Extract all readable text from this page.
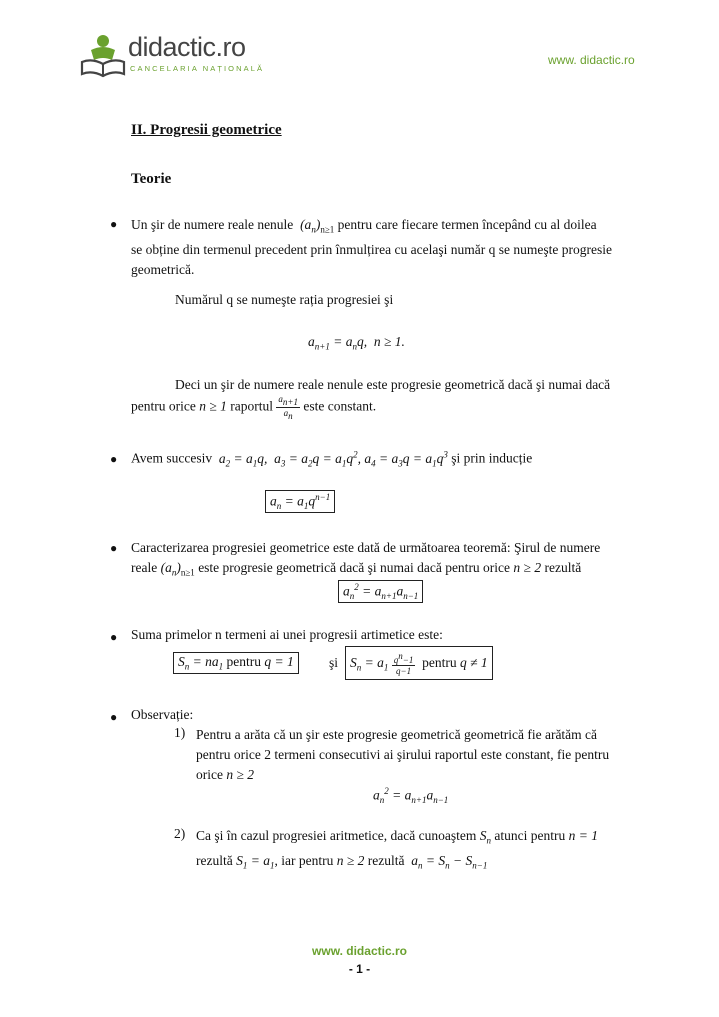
didactic.ro
CANCELARIA NAȚIONALĂ
www. didactic.ro
II. Progresii geometrice
Teorie
● Un şir de numere reale nenule  $(a_n)_{n\ge 1}$ pentru care fiecare termen începând cu al doilea

se obține din termenul precedent prin înmulțirea cu acelaşi număr q se numeşte progresie

geometrică.

Numărul q se numeşte rația progresiei şi
$a_{n+1} = a_nq$,  n ≥ 1.
Deci un şir de numere reale nenule este progresie geometrică dacă şi numai dacă
pentru orice n ≥ 1 raportul $\frac{a_{n+1}}{a_n}$ este constant.
● Avem succesiv  $a_2 = a_1q$,  $a_3 = a_2q = a_1q^2$, $a_4 = a_3q = a_1q^3$ şi prin inducție
$a_n = a_1q^{n-1}$
● Caracterizarea progresiei geometrice este dată de următoarea teoremă: Şirul de numere

reale $(a_n)_{n\ge 1}$ este progresie geometrică dacă şi numai dacă pentru orice n ≥ 2 rezultă

$a_n^2 = a_{n+1}a_{n-1}$
● Suma primelor n termeni ai unei progresii artimetice este:
$S_n = na_1$ pentru q = 1	şi $S_n = a_1 \frac{q^n-1}{q-1}$ pentru q ≠ 1
● Observație:
1) Pentru a arăta că un şir este progresie geometrică geometrică fie arătăm că

pentru orice 2 termeni consecutivi ai şirului raportul este constant, fie pentru

orice n ≥ 2

$a_n^2 = a_{n+1}a_{n-1}$
2) Ca şi în cazul progresiei aritmetice, dacă cunoaştem $S_n$ atunci pentru n = 1

rezultă $S_1 = a_1$, iar pentru n ≥ 2 rezultă  $a_n = S_n - S_{n-1}$

www. didactic.ro
- 1 -
